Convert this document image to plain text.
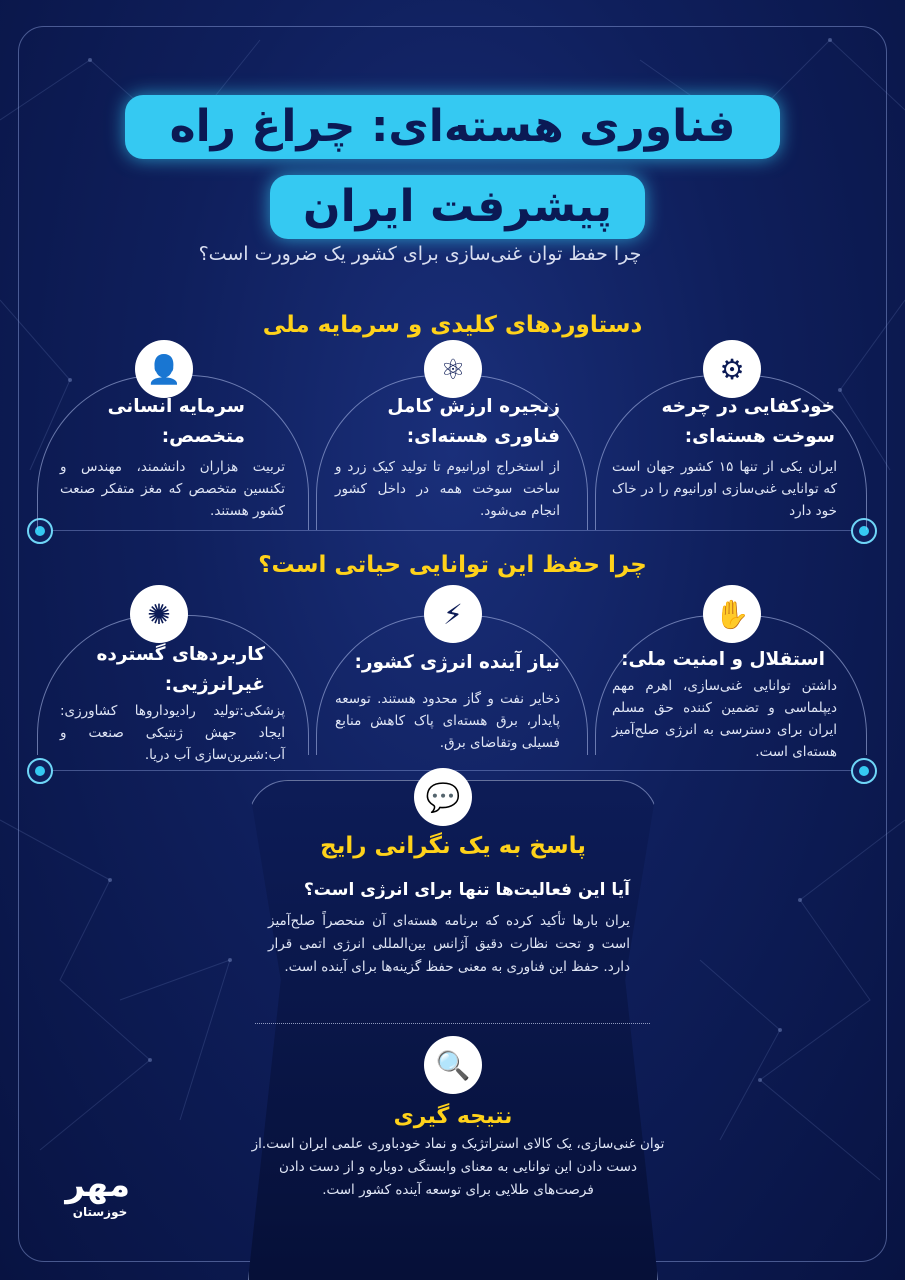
فناوری هسته‌ای: چراغ راه
پیشرفت ایران
چرا حفظ توان غنی‌سازی برای کشور یک ضرورت است؟
دستاوردهای کلیدی و سرمایه ملی
⚙
خودکفایی در چرخه سوخت هسته‌ای:
ایران یکی از تنها ۱۵ کشور جهان است که توانایی غنی‌سازی اورانیوم را در خاک خود دارد
⚛
زنجیره ارزش کامل فناوری هسته‌ای:
از استخراج اورانیوم تا تولید کیک زرد و ساخت سوخت همه در داخل کشور انجام می‌شود.
👤
سرمایه انسانی متخصص:
تربیت هزاران دانشمند، مهندس و تکنسین متخصص که مغز متفکر صنعت کشور هستند.
چرا حفظ این توانایی حیاتی است؟
✋
استقلال و امنیت ملی:
داشتن توانایی غنی‌سازی، اهرم مهم دیپلماسی و تضمین کننده حق مسلم ایران برای دسترسی به انرژی صلح‌آمیز هسته‌ای است.
⚡
نیاز آینده انرژی کشور:
ذخایر نفت و گاز محدود هستند. توسعه پایدار، برق هسته‌ای پاک کاهش منابع فسیلی وتقاضای برق.
✺
کاربردهای گسترده غیرانرژیی:
پزشکی:تولید رادیوداروها کشاورزی: ایجاد جهش ژنتیکی صنعت و آب:شیرین‌سازی آب دریا.
💬
پاسخ به یک نگرانی رایج
آیا این فعالیت‌ها تنها برای انرژی است؟
یران بارها تأکید کرده که برنامه هسته‌ای آن منحصراً صلح‌آمیز است و تحت نظارت دقیق آژانس بین‌المللی انرژی اتمی قرار دارد. حفظ این فناوری به معنی حفظ گزینه‌ها برای آینده است.
🔍
نتیجه گیری
توان غنی‌سازی، یک کالای استراتژیک و نماد خودباوری علمی ایران است.از دست دادن این توانایی به معنای وابستگی دوباره و از دست دادن فرصت‌های طلایی برای توسعه آینده کشور است.
ﻣﻬﺮ
خوزستان
